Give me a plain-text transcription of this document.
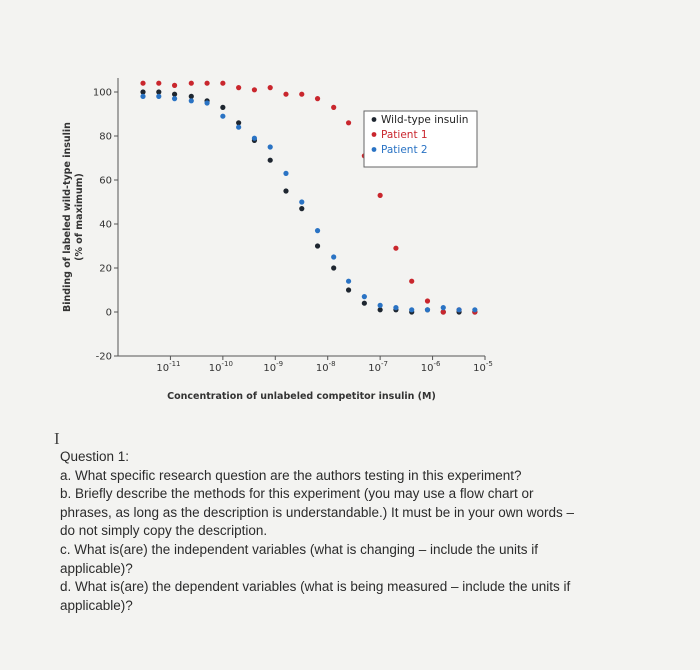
100
80
60
40
20
0
-20
$10^{-11}$	$10^{-10}$	$10^{-9}$	$10^{-8}$	$10^{-7}$	$10^{-6}$	$10^{-5}$
Concentration of unlabeled competitor insulin (M)
Binding of labeled wild-type insulin (% of maximum)
Wild-type insulin
Patient 1
Patient 2
I
Question 1:
a. What specific research question are the authors testing in this experiment?
b. Briefly describe the methods for this experiment (you may use a flow chart or
phrases, as long as the description is understandable.) It must be in your own words –
do not simply copy the description.
c. What is(are) the independent variables (what is changing – include the units if
applicable)?
d. What is(are) the dependent variables (what is being measured – include the units if
applicable)?
